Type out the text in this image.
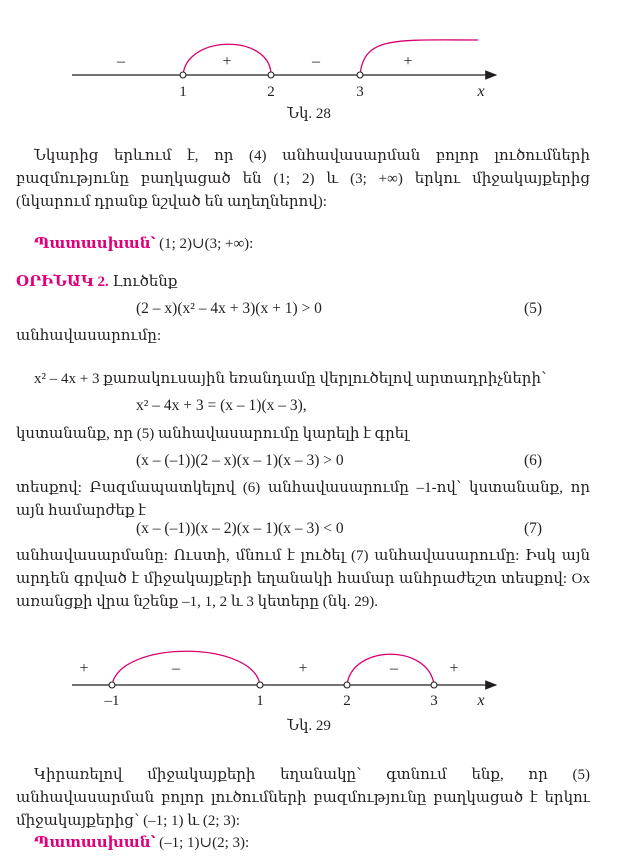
–	+	–	+
1	2	3	x
Նկ. 28

Նկարից երևում է, որ (4) անհավասարման բոլոր լուծումների բազմությունը բաղկացած են (1; 2) և (3; +∞) երկու միջակայքերից (նկարում դրանք նշված են աղեղներով):

Պատասխան՝ (1; 2)∪(3; +∞):

ՕՐԻՆԱԿ 2. Լուծենք

(2 – x)(x² – 4x + 3)(x + 1) > 0	(5)

անհավասարումը:

x² – 4x + 3 քառակուսային եռանդամը վերլուծելով արտադրիչների՝

x² – 4x + 3 = (x – 1)(x – 3),

կստանանք, որ (5) անհավասարումը կարելի է գրել

(x – (–1))(2 – x)(x – 1)(x – 3) > 0	(6)

տեսքով: Բազմապատկելով (6) անհավասարումը –1-ով՝ կստանանք, որ այն համարժեք է

(x – (–1))(x – 2)(x – 1)(x – 3) < 0	(7)

անհավասարմանը: Ուստի, մնում է լուծել (7) անհավասարումը: Իսկ այն արդեն գրված է միջակայքերի եղանակի համար անհրաժեշտ տեսքով: Ox առանցքի վրա նշենք –1, 1, 2 և 3 կետերը (նկ. 29).

+	–	+	–	+
–1	1	2	3 x
Նկ. 29

Կիրառելով միջակայքերի եղանակը՝ գտնում ենք, որ (5) անհավասարման բոլոր լուծումների բազմությունը բաղկացած է երկու միջակայքերից՝ (–1; 1) և (2; 3):

Պատասխան՝ (–1; 1)∪(2; 3):
